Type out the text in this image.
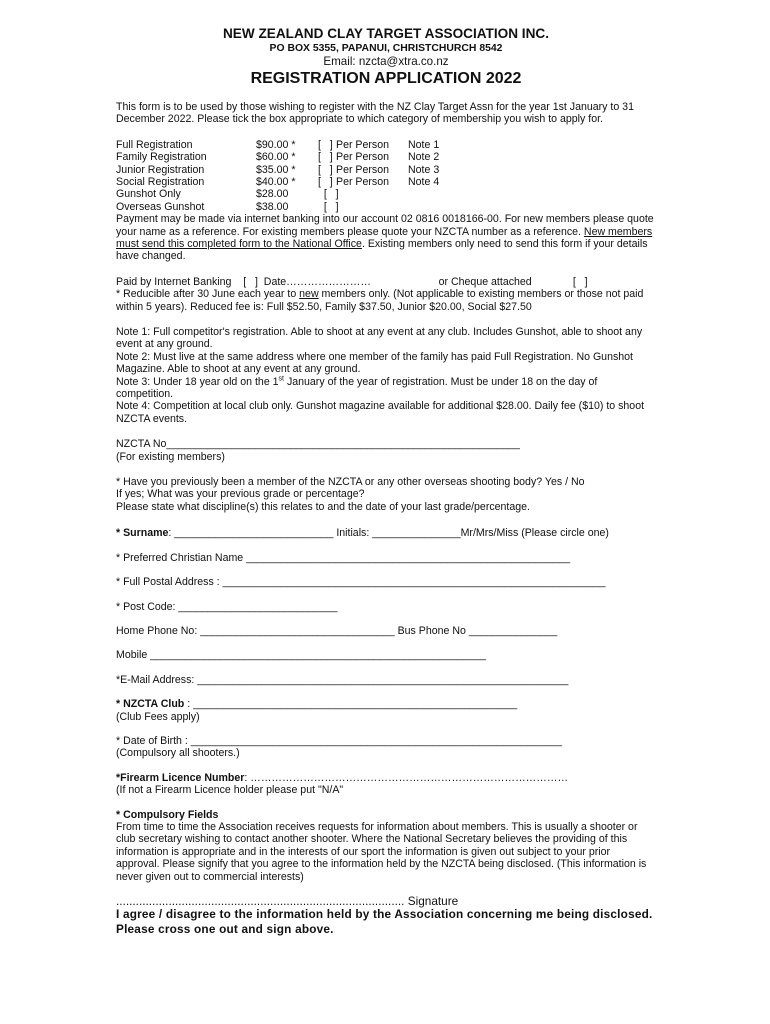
NEW ZEALAND CLAY TARGET ASSOCIATION INC.
PO BOX 5355, PAPANUI, CHRISTCHURCH 8542
Email: nzcta@xtra.co.nz
REGISTRATION APPLICATION 2022

This form is to be used by those wishing to register with the NZ Clay Target Assn for the year 1st January to 31 December 2022. Please tick the box appropriate to which category of membership you wish to apply for.

Full Registration	$90.00 *	[   ] Per Person	Note 1
Family Registration	$60.00 *	[   ] Per Person	Note 2
Junior Registration	$35.00 *	[   ] Per Person	Note 3
Social Registration	$40.00 *	[   ] Per Person	Note 4
Gunshot Only	$28.00	[   ]
Overseas Gunshot	$38.00	[   ]

Payment may be made via internet banking into our account 02 0816 0018166-00. For new members please quote your name as a reference. For existing members please quote your NZCTA number as a reference. New members must send this completed form to the National Office. Existing members only need to send this form if your details have changed.

Paid by Internet Banking    [   ]  Date……………………                       or Cheque attached              [   ]

* Reducible after 30 June each year to new members only. (Not applicable to existing members or those not paid within 5 years). Reduced fee is: Full $52.50, Family $37.50, Junior $20.00, Social $27.50

Note 1: Full competitor's registration. Able to shoot at any event at any club. Includes Gunshot, able to shoot any event at any ground.

Note 2: Must live at the same address where one member of the family has paid Full Registration. No Gunshot Magazine. Able to shoot at any event at any ground.

Note 3: Under 18 year old on the 1st January of the year of registration. Must be under 18 on the day of competition.

Note 4: Competition at local club only. Gunshot magazine available for additional $28.00. Daily fee ($10) to shoot NZCTA events.

NZCTA No____________________________________________________________

(For existing members)

* Have you previously been a member of the NZCTA or any other overseas shooting body? Yes / No

If yes; What was your previous grade or percentage?

Please state what discipline(s) this relates to and the date of your last grade/percentage.

* Surname: ___________________________ Initials: _______________Mr/Mrs/Miss (Please circle one)

* Preferred Christian Name _______________________________________________________

* Full Postal Address : _________________________________________________________________

* Post Code: ___________________________

Home Phone No: _________________________________ Bus Phone No _______________

Mobile _________________________________________________________

*E-Mail Address: _______________________________________________________________

* NZCTA Club : _______________________________________________________

(Club Fees apply)

* Date of Birth : _______________________________________________________________

(Compulsory all shooters.)

*Firearm Licence Number: ………………………………………………………………………………

(If not a Firearm Licence holder please put "N/A"

* Compulsory Fields

From time to time the Association receives requests for information about members. This is usually a shooter or club secretary wishing to contact another shooter. Where the National Secretary believes the providing of this information is appropriate and in the interests of our sport the information is given out subject to your prior approval. Please signify that you agree to the information held by the NZCTA being disclosed. (This information is never given out to commercial interests)

........................................................................................ Signature

I agree / disagree to the information held by the Association concerning me being disclosed.

Please cross one out and sign above.
